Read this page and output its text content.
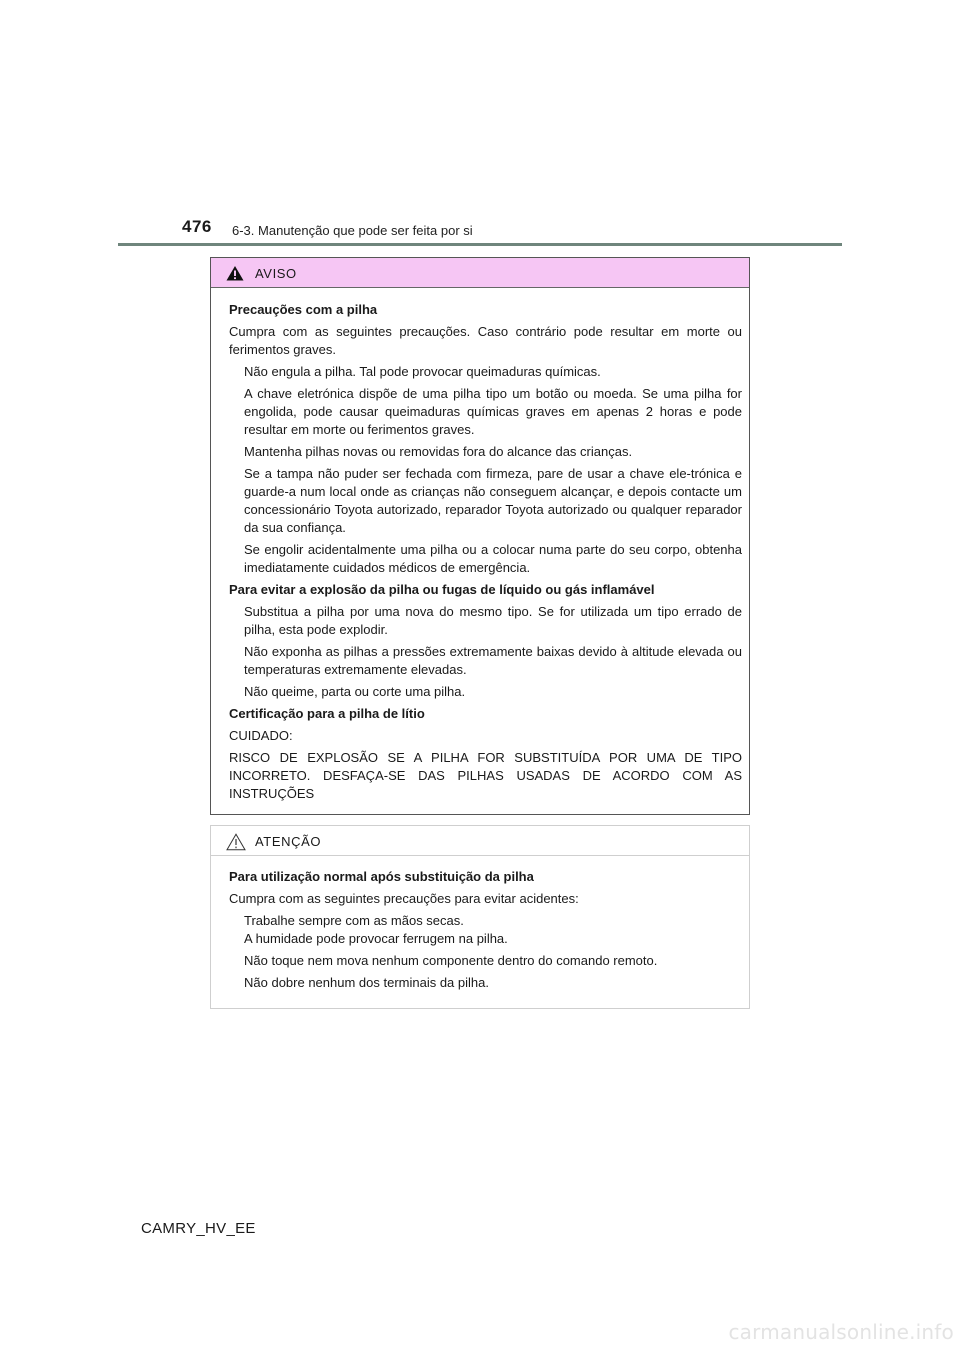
476 6-3. Manutenção que pode ser feita por si
AVISO
Precauções com a pilha
Cumpra com as seguintes precauções. Caso contrário pode resultar em morte ou ferimentos graves.
Não engula a pilha. Tal pode provocar queimaduras químicas.
A chave eletrónica dispõe de uma pilha tipo um botão ou moeda. Se uma pilha for engolida, pode causar queimaduras químicas graves em apenas 2 horas e pode resultar em morte ou ferimentos graves.
Mantenha pilhas novas ou removidas fora do alcance das crianças.
Se a tampa não puder ser fechada com firmeza, pare de usar a chave ele-trónica e guarde-a num local onde as crianças não conseguem alcançar, e depois contacte um concessionário Toyota autorizado, reparador Toyota autorizado ou qualquer reparador da sua confiança.
Se engolir acidentalmente uma pilha ou a colocar numa parte do seu corpo, obtenha imediatamente cuidados médicos de emergência.
Para evitar a explosão da pilha ou fugas de líquido ou gás inflamável
Substitua a pilha por uma nova do mesmo tipo. Se for utilizada um tipo errado de pilha, esta pode explodir.
Não exponha as pilhas a pressões extremamente baixas devido à altitude elevada ou temperaturas extremamente elevadas.
Não queime, parta ou corte uma pilha.
Certificação para a pilha de lítio
CUIDADO:
RISCO DE EXPLOSÃO SE A PILHA FOR SUBSTITUÍDA POR UMA DE TIPO INCORRETO. DESFAÇA-SE DAS PILHAS USADAS DE ACORDO COM AS INSTRUÇÕES
ATENÇÃO
Para utilização normal após substituição da pilha
Cumpra com as seguintes precauções para evitar acidentes:
Trabalhe sempre com as mãos secas.
A humidade pode provocar ferrugem na pilha.
Não toque nem mova nenhum componente dentro do comando remoto.
Não dobre nenhum dos terminais da pilha.
CAMRY_HV_EE
carmanualsonline.info
